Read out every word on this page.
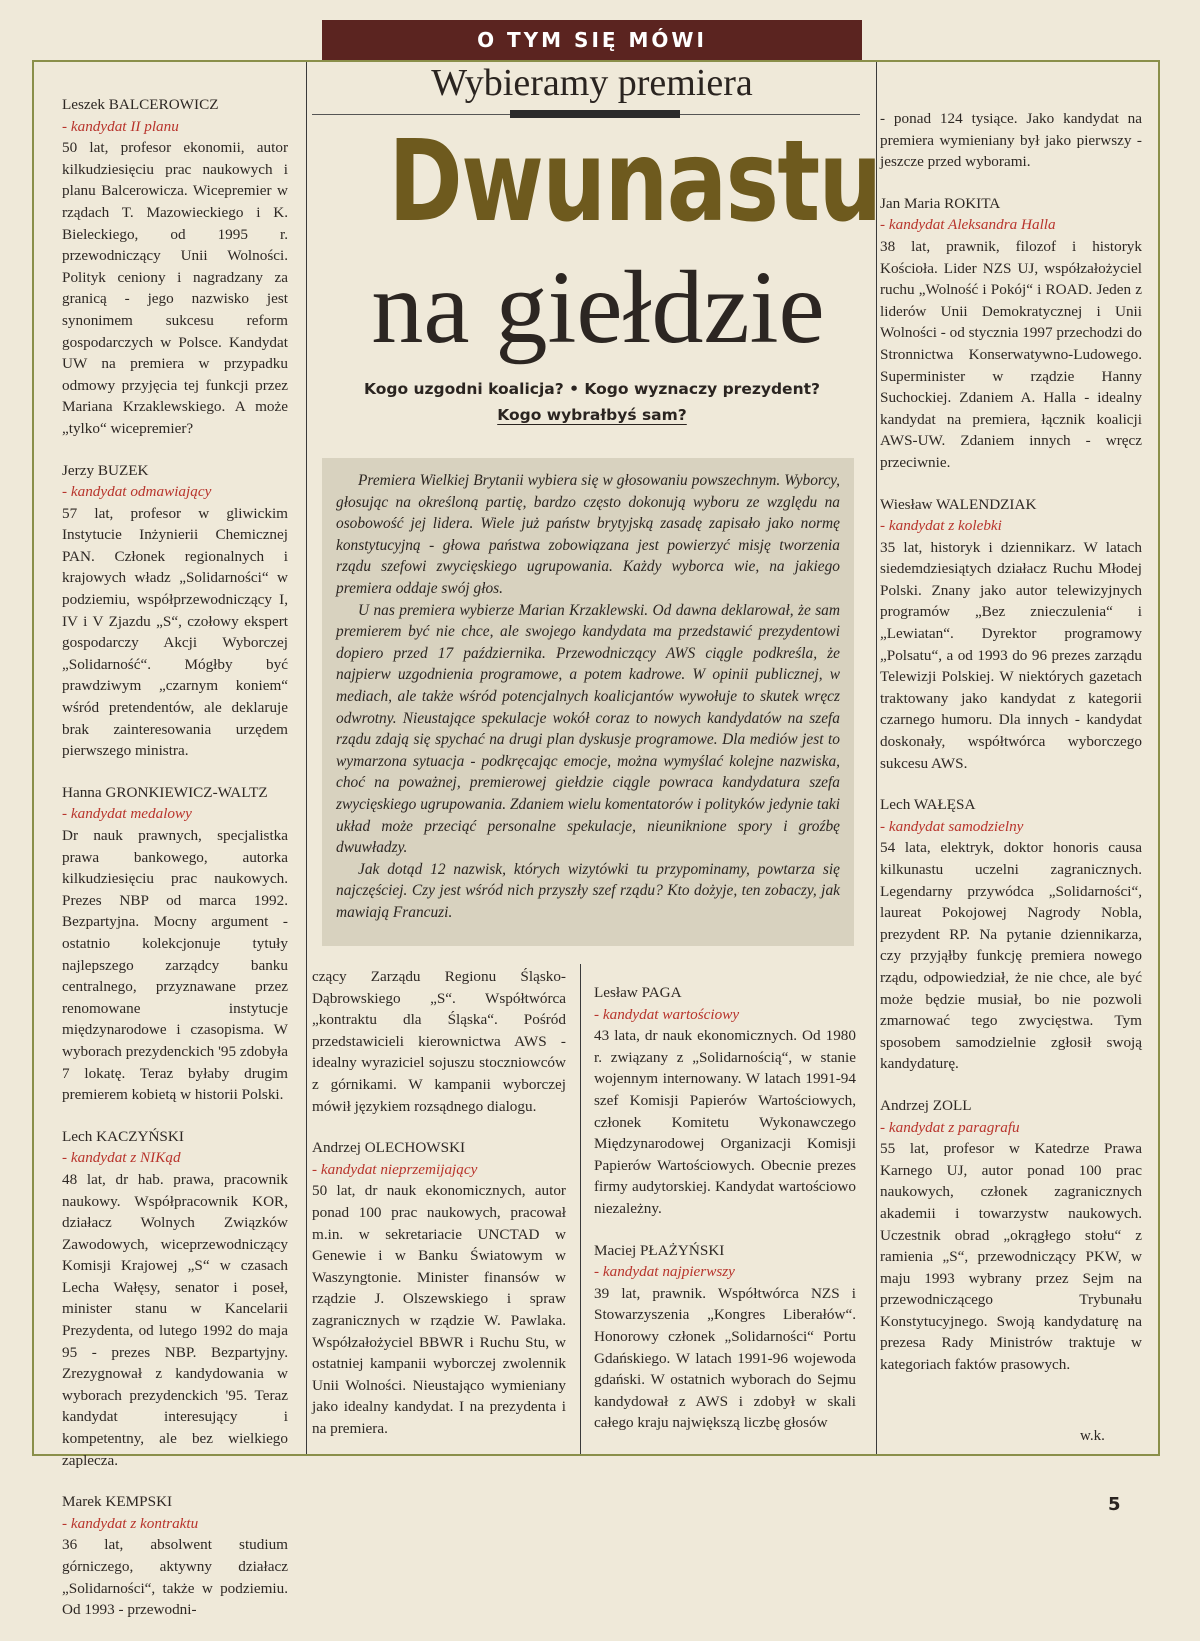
O TYM SIĘ MÓWI
Wybieramy premiera
Dwunastu
na giełdzie
Kogo uzgodni koalicja? • Kogo wyznaczy prezydent?
Kogo wybrałbyś sam?

Premiera Wielkiej Brytanii wybiera się w głosowaniu powszechnym. Wyborcy, głosując na określoną partię, bardzo często dokonują wyboru ze względu na osobowość jej lidera. Wiele już państw brytyjską zasadę zapisało jako normę konstytucyjną - głowa państwa zobowiązana jest powierzyć misję tworzenia rządu szefowi zwycięskiego ugrupowania. Każdy wyborca wie, na jakiego premiera oddaje swój głos.

U nas premiera wybierze Marian Krzaklewski. Od dawna deklarował, że sam premierem być nie chce, ale swojego kandydata ma przedstawić prezydentowi dopiero przed 17 października. Przewodniczący AWS ciągle podkreśla, że najpierw uzgodnienia programowe, a potem kadrowe. W opinii publicznej, w mediach, ale także wśród potencjalnych koalicjantów wywołuje to skutek wręcz odwrotny. Nieustające spekulacje wokół coraz to nowych kandydatów na szefa rządu zdają się spychać na drugi plan dyskusje programowe. Dla mediów jest to wymarzona sytuacja - podkręcając emocje, można wymyślać kolejne nazwiska, choć na poważnej, premierowej giełdzie ciągle powraca kandydatura szefa zwycięskiego ugrupowania. Zdaniem wielu komentatorów i polityków jedynie taki układ może przeciąć personalne spekulacje, nieuniknione spory i groźbę dwuwładzy.

Jak dotąd 12 nazwisk, których wizytówki tu przypominamy, powtarza się najczęściej. Czy jest wśród nich przyszły szef rządu? Kto dożyje, ten zobaczy, jak mawiają Francuzi.

Leszek BALCEROWICZ
- kandydat II planu
50 lat, profesor ekonomii, autor kilkudziesięciu prac naukowych i planu Balcerowicza. Wicepremier w rządach T. Mazowieckiego i K. Bieleckiego, od 1995 r. przewodniczący Unii Wolności. Polityk ceniony i nagradzany za granicą - jego nazwisko jest synonimem sukcesu reform gospodarczych w Polsce. Kandydat UW na premiera w przypadku odmowy przyjęcia tej funkcji przez Mariana Krzaklewskiego. A może „tylko“ wicepremier?
Jerzy BUZEK
- kandydat odmawiający
57 lat, profesor w gliwickim Instytucie Inżynierii Chemicznej PAN. Członek regionalnych i krajowych władz „Solidarności“ w podziemiu, współprzewodniczący I, IV i V Zjazdu „S“, czołowy ekspert gospodarczy Akcji Wyborczej „Solidarność“. Mógłby być prawdziwym „czarnym koniem“ wśród pretendentów, ale deklaruje brak zainteresowania urzędem pierwszego ministra.
Hanna GRONKIEWICZ-WALTZ
- kandydat medalowy
Dr nauk prawnych, specjalistka prawa bankowego, autorka kilkudziesięciu prac naukowych. Prezes NBP od marca 1992. Bezpartyjna. Mocny argument - ostatnio kolekcjonuje tytuły najlepszego zarządcy banku centralnego, przyznawane przez renomowane instytucje międzynarodowe i czasopisma. W wyborach prezydenckich '95 zdobyła 7 lokatę. Teraz byłaby drugim premierem kobietą w historii Polski.
Lech KACZYŃSKI
- kandydat z NIKąd
48 lat, dr hab. prawa, pracownik naukowy. Współpracownik KOR, działacz Wolnych Związków Zawodowych, wiceprzewodniczący Komisji Krajowej „S“ w czasach Lecha Wałęsy, senator i poseł, minister stanu w Kancelarii Prezydenta, od lutego 1992 do maja 95 - prezes NBP. Bezpartyjny. Zrezygnował z kandydowania w wyborach prezydenckich '95. Teraz kandydat interesujący i kompetentny, ale bez wielkiego zaplecza.
Marek KEMPSKI
- kandydat z kontraktu
36 lat, absolwent studium górniczego, aktywny działacz „Solidarności“, także w podziemiu. Od 1993 - przewodni-
czący Zarządu Regionu Śląsko-Dąbrowskiego „S“. Współtwórca „kontraktu dla Śląska“. Pośród przedstawicieli kierownictwa AWS - idealny wyraziciel sojuszu stoczniowców z górnikami. W kampanii wyborczej mówił językiem rozsądnego dialogu.
Andrzej OLECHOWSKI
- kandydat nieprzemijający
50 lat, dr nauk ekonomicznych, autor ponad 100 prac naukowych, pracował m.in. w sekretariacie UNCTAD w Genewie i w Banku Światowym w Waszyngtonie. Minister finansów w rządzie J. Olszewskiego i spraw zagranicznych w rządzie W. Pawlaka. Współzałożyciel BBWR i Ruchu Stu, w ostatniej kampanii wyborczej zwolennik Unii Wolności. Nieustająco wymieniany jako idealny kandydat. I na prezydenta i na premiera.
Lesław PAGA
- kandydat wartościowy
43 lata, dr nauk ekonomicznych. Od 1980 r. związany z „Solidarnością“, w stanie wojennym internowany. W latach 1991-94 szef Komisji Papierów Wartościowych, członek Komitetu Wykonawczego Międzynarodowej Organizacji Komisji Papierów Wartościowych. Obecnie prezes firmy audytorskiej. Kandydat wartościowo niezależny.
Maciej PŁAŻYŃSKI
- kandydat najpierwszy
39 lat, prawnik. Współtwórca NZS i Stowarzyszenia „Kongres Liberałów“. Honorowy członek „Solidarności“ Portu Gdańskiego. W latach 1991-96 wojewoda gdański. W ostatnich wyborach do Sejmu kandydował z AWS i zdobył w skali całego kraju największą liczbę głosów
- ponad 124 tysiące. Jako kandydat na premiera wymieniany był jako pierwszy - jeszcze przed wyborami.
Jan Maria ROKITA
- kandydat Aleksandra Halla
38 lat, prawnik, filozof i historyk Kościoła. Lider NZS UJ, współzałożyciel ruchu „Wolność i Pokój“ i ROAD. Jeden z liderów Unii Demokratycznej i Unii Wolności - od stycznia 1997 przechodzi do Stronnictwa Konserwatywno-Ludowego. Superminister w rządzie Hanny Suchockiej. Zdaniem A. Halla - idealny kandydat na premiera, łącznik koalicji AWS-UW. Zdaniem innych - wręcz przeciwnie.
Wiesław WALENDZIAK
- kandydat z kolebki
35 lat, historyk i dziennikarz. W latach siedemdziesiątych działacz Ruchu Młodej Polski. Znany jako autor telewizyjnych programów „Bez znieczulenia“ i „Lewiatan“. Dyrektor programowy „Polsatu“, a od 1993 do 96 prezes zarządu Telewizji Polskiej. W niektórych gazetach traktowany jako kandydat z kategorii czarnego humoru. Dla innych - kandydat doskonały, współtwórca wyborczego sukcesu AWS.
Lech WAŁĘSA
- kandydat samodzielny
54 lata, elektryk, doktor honoris causa kilkunastu uczelni zagranicznych. Legendarny przywódca „Solidarności“, laureat Pokojowej Nagrody Nobla, prezydent RP. Na pytanie dziennikarza, czy przyjąłby funkcję premiera nowego rządu, odpowiedział, że nie chce, ale być może będzie musiał, bo nie pozwoli zmarnować tego zwycięstwa. Tym sposobem samodzielnie zgłosił swoją kandydaturę.
Andrzej ZOLL
- kandydat z paragrafu
55 lat, profesor w Katedrze Prawa Karnego UJ, autor ponad 100 prac naukowych, członek zagranicznych akademii i towarzystw naukowych. Uczestnik obrad „okrągłego stołu“ z ramienia „S“, przewodniczący PKW, w maju 1993 wybrany przez Sejm na przewodniczącego Trybunału Konstytucyjnego. Swoją kandydaturę na prezesa Rady Ministrów traktuje w kategoriach faktów prasowych.
w.k.
5
